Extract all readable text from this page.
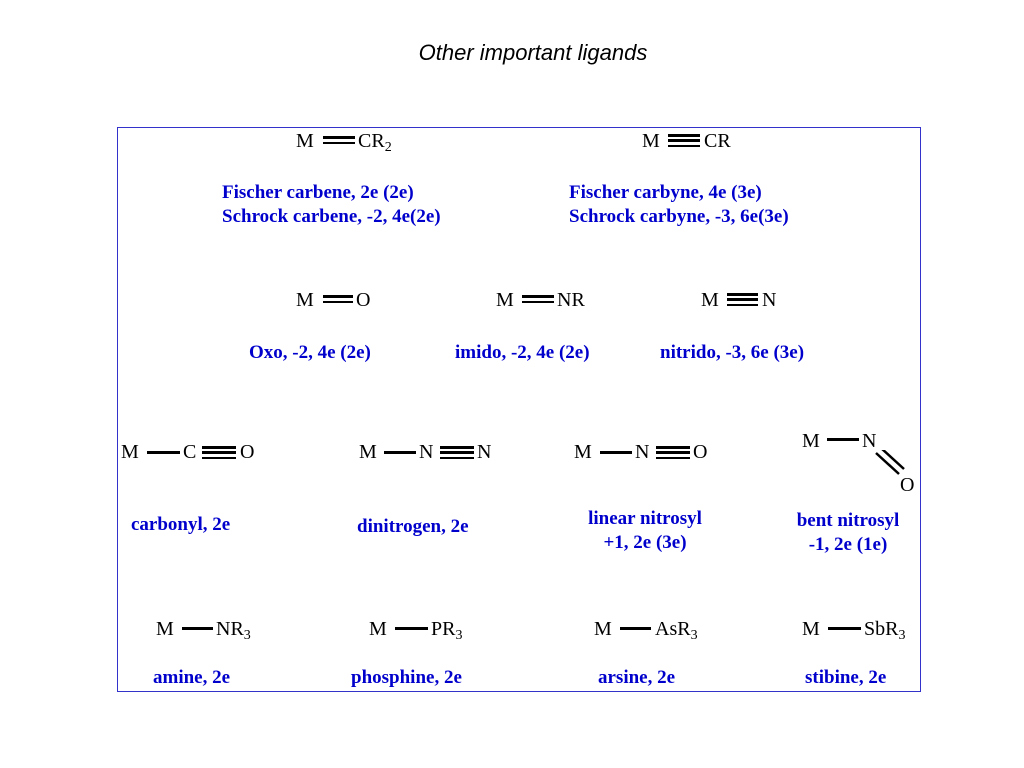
Other important ligands
M $CR_2$
Fischer carbene, 2e (2e)
Schrock carbene, -2, 4e(2e)
M CR
Fischer carbyne, 4e (3e)
Schrock carbyne, -3, 6e(3e)
M O
Oxo, -2, 4e (2e)
M NR
imido, -2, 4e (2e)
M N
nitrido, -3, 6e (3e)
M C O
carbonyl, 2e
M N N
dinitrogen, 2e
M N O
linear nitrosyl
+1, 2e (3e)
M N
O
bent nitrosyl
-1, 2e (1e)
M $NR_3$
amine, 2e
M $PR_3$
phosphine, 2e
M AsR$_3$
arsine, 2e
M SbR$_3$
stibine, 2e
